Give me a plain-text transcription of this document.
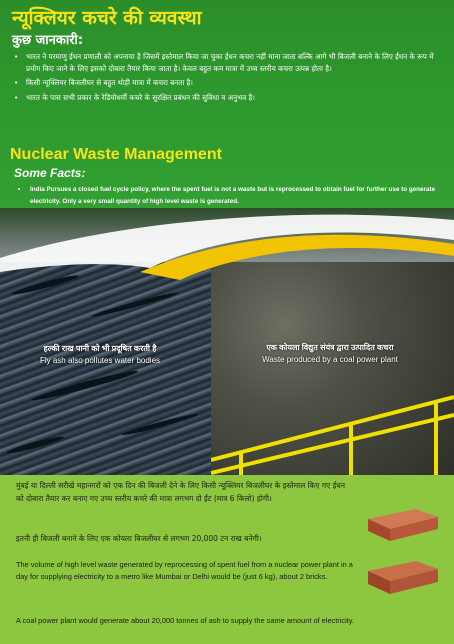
न्यूक्लियर कचरे की व्यवस्था
कुछ जानकारी:
• भारत ने परमाणु ईंधन प्रणाली को अपनाया है जिसमें इस्तेमाल किया जा चुका ईंधन कचरा नहीं माना जाता बल्कि आगे भी बिजली बनाने के लिए ईंधन के रूप में प्रयोग किए जाने के लिए इसको दोबारा तैयार किया जाता है। केवल बहुत कम मात्रा में उच्च स्तरीय कचरा उत्पन्न होता है।
• किसी न्यूक्लियर बिजलीघर से बहुत थोड़ी मात्रा में कचरा बनता है।
• भारत के पास सभी प्रकार के रेडियोधर्मी कचरे के सुरक्षित प्रबंधन की सुविधा व अनुभव है।
Nuclear Waste Management
Some Facts:
• India Pursues a closed fuel cycle policy, where the spent fuel is not a waste but is reprocessed to obtain fuel for further use to generate electricity. Only a very small quantity of high level waste is generated.
•
•
हल्की राख पानी को भी प्रदूषित करती है
Fly ash also pollutes water bodies
एक कोयला विद्युत संयंत्र द्वारा उत्पादित कचरा
Waste produced by a coal power plant
मुंबई या दिल्ली सरीखे महानगरों को एक दिन की बिजली देने के लिए किसी न्यूक्लियर बिजलीघर के इस्तेमाल किए गए ईंधन को दोबारा तैयार कर बनाए गए उच्च स्तरीय कचरे की मात्रा लगभग दो ईंट (मात्र 6 किलो) होगी।
इतनी ही बिजली बनाने के लिए एक कोयला बिजलीघर से लगभग 20,000 टन राख बनेगी।
The volume of high level waste generated by reprocessing of spent fuel from a nuclear power plant in a day for supplying electricity to a metro like Mumbai or Delhi would be (just 6 kg), about 2 bricks.
A coal power plant would generate about 20,000 tonnes of ash to supply the same amount of electricity.
